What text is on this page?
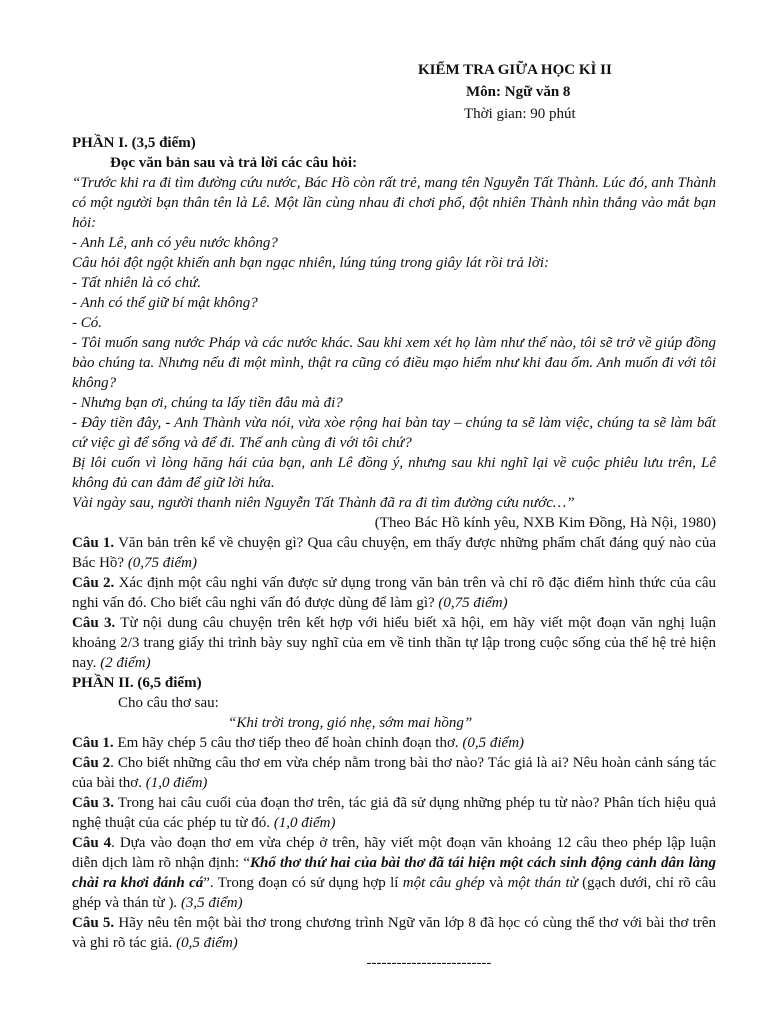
KIỂM TRA GIỮA HỌC KÌ II
Môn: Ngữ văn 8
Thời gian: 90 phút

PHẦN I. (3,5 điểm)

Đọc văn bản sau và trả lời các câu hỏi:

“Trước khi ra đi tìm đường cứu nước, Bác Hồ còn rất trẻ, mang tên Nguyễn Tất Thành. Lúc đó, anh Thành có một người bạn thân tên là Lê. Một lần cùng nhau đi chơi phố, đột nhiên Thành nhìn thẳng vào mắt bạn hỏi:

- Anh Lê, anh có yêu nước không?

Câu hỏi đột ngột khiến anh bạn ngạc nhiên, lúng túng trong giây lát rồi trả lời:

- Tất nhiên là có chứ.

- Anh có thể giữ bí mật không?

- Có.

- Tôi muốn sang nước Pháp và các nước khác. Sau khi xem xét họ làm như thế nào, tôi sẽ trở về giúp đồng bào chúng ta. Nhưng nếu đi một mình, thật ra cũng có điều mạo hiểm như khi đau ốm. Anh muốn đi với tôi không?

- Nhưng bạn ơi, chúng ta lấy tiền đâu mà đi?

- Đây tiền đây, - Anh Thành vừa nói, vừa xòe rộng hai bàn tay – chúng ta sẽ làm việc, chúng ta sẽ làm bất cứ việc gì để sống và để đi. Thế anh cùng đi với tôi chứ?

Bị lôi cuốn vì lòng hăng hái của bạn, anh Lê đồng ý, nhưng sau khi nghĩ lại về cuộc phiêu lưu trên, Lê không đủ can đảm để giữ lời hứa.

Vài ngày sau, người thanh niên Nguyễn Tất Thành đã ra đi tìm đường cứu nước…”

(Theo Bác Hồ kính yêu, NXB Kim Đồng, Hà Nội, 1980)

Câu 1. Văn bản trên kể về chuyện gì? Qua câu chuyện, em thấy được những phẩm chất đáng quý nào của Bác Hồ? (0,75 điểm)

Câu 2. Xác định một câu nghi vấn được sử dụng trong văn bản trên và chỉ rõ đặc điểm hình thức của câu nghi vấn đó. Cho biết câu nghi vấn đó được dùng để làm gì? (0,75 điểm)

Câu 3. Từ nội dung câu chuyện trên kết hợp với hiểu biết xã hội, em hãy viết một đoạn văn nghị luận khoảng 2/3 trang giấy thi trình bày suy nghĩ của em về tinh thần tự lập trong cuộc sống của thế hệ trẻ hiện nay. (2 điểm)

PHẦN II. (6,5 điểm)

Cho câu thơ sau:

“Khi trời trong, gió nhẹ, sớm mai hồng”

Câu 1. Em hãy chép 5 câu thơ tiếp theo để hoàn chỉnh đoạn thơ. (0,5 điểm)

Câu 2. Cho biết những câu thơ em vừa chép nằm trong bài thơ nào? Tác giả là ai? Nêu hoàn cảnh sáng tác của bài thơ. (1,0 điểm)

Câu 3. Trong hai câu cuối của đoạn thơ trên, tác giả đã sử dụng những phép tu từ nào? Phân tích hiệu quả nghệ thuật của các phép tu từ đó. (1,0 điểm)

Câu 4. Dựa vào đoạn thơ em vừa chép ở trên, hãy viết một đoạn văn khoảng 12 câu theo phép lập luận diễn dịch làm rõ nhận định: “Khổ thơ thứ hai của bài thơ đã tái hiện một cách sinh động cảnh dân làng chài ra khơi đánh cá”. Trong đoạn có sử dụng hợp lí một câu ghép và một thán từ (gạch dưới, chỉ rõ câu ghép và thán từ ). (3,5 điểm)

Câu 5. Hãy nêu tên một bài thơ trong chương trình Ngữ văn lớp 8 đã học có cùng thể thơ với bài thơ trên và ghi rõ tác giả. (0,5 điểm)

-------------------------
